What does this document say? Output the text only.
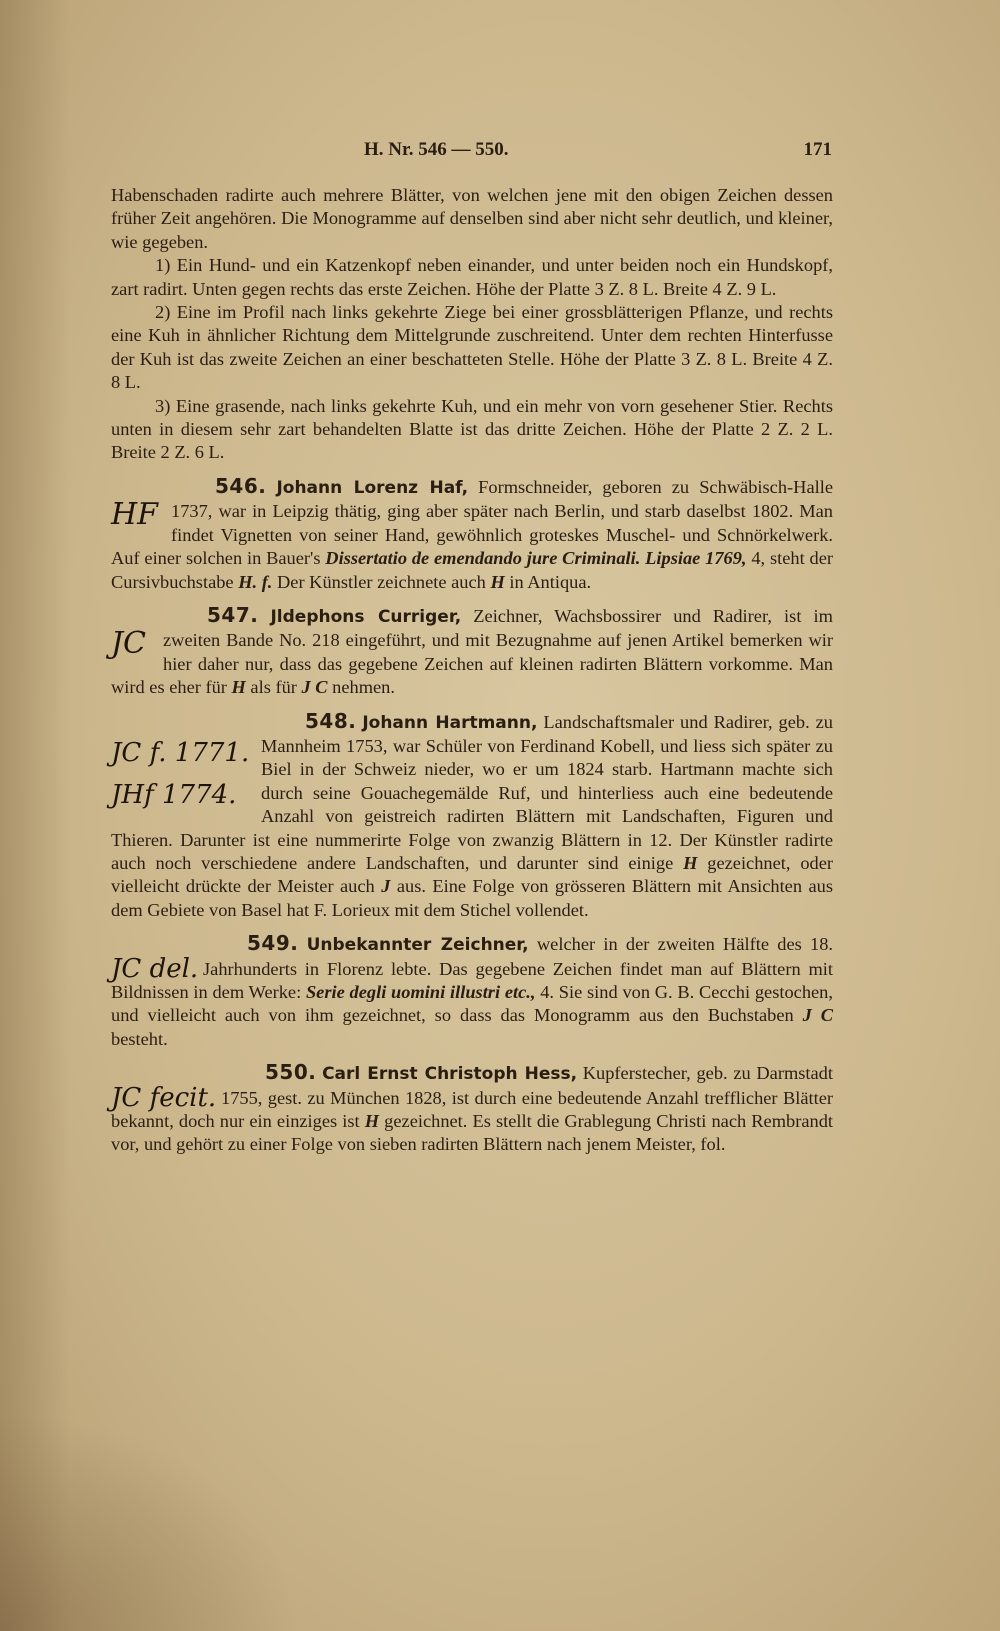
H. Nr. 546 — 550.	171

Habenschaden radirte auch mehrere Blätter, von welchen jene mit den obigen Zeichen dessen früher Zeit angehören. Die Monogramme auf denselben sind aber nicht sehr deutlich, und kleiner, wie gegeben.

1) Ein Hund- und ein Katzenkopf neben einander, und unter beiden noch ein Hundskopf, zart radirt. Unten gegen rechts das erste Zeichen. Höhe der Platte 3 Z. 8 L. Breite 4 Z. 9 L.

2) Eine im Profil nach links gekehrte Ziege bei einer grossblätterigen Pflanze, und rechts eine Kuh in ähnlicher Richtung dem Mittelgrunde zuschreitend. Unter dem rechten Hinterfusse der Kuh ist das zweite Zeichen an einer beschatteten Stelle. Höhe der Platte 3 Z. 8 L. Breite 4 Z. 8 L.

3) Eine grasende, nach links gekehrte Kuh, und ein mehr von vorn gesehener Stier. Rechts unten in diesem sehr zart behandelten Blatte ist das dritte Zeichen. Höhe der Platte 2 Z. 2 L. Breite 2 Z. 6 L.

546. Johann Lorenz Haf, Formschneider, geboren zu Schwäbisch-Halle 1737, war in Leipzig thätig, ging aber später nach Berlin, und starb daselbst 1802. Man findet Vignetten von seiner Hand, gewöhnlich groteskes Muschel- und Schnörkelwerk. Auf einer solchen in Bauer's Dissertatio de emendando jure Criminali. Lipsiae 1769, 4, steht der Cursivbuchstabe H. f. Der Künstler zeichnete auch H in Antiqua.

547. Jldephons Curriger, Zeichner, Wachsbossirer und Radirer, ist im zweiten Bande No. 218 eingeführt, und mit Bezugnahme auf jenen Artikel bemerken wir hier daher nur, dass das gegebene Zeichen auf kleinen radirten Blättern vorkomme. Man wird es eher für H als für J C nehmen.

548. Johann Hartmann, Landschaftsmaler und Radirer, geb. zu Mannheim 1753, war Schüler von Ferdinand Kobell, und liess sich später zu Biel in der Schweiz nieder, wo er um 1824 starb. Hartmann machte sich durch seine Gouachegemälde Ruf, und hinterliess auch eine bedeutende Anzahl von geistreich radirten Blättern mit Landschaften, Figuren und Thieren. Darunter ist eine nummerirte Folge von zwanzig Blättern in 12. Der Künstler radirte auch noch verschiedene andere Landschaften, und darunter sind einige H gezeichnet, oder vielleicht drückte der Meister auch J aus. Eine Folge von grösseren Blättern mit Ansichten aus dem Gebiete von Basel hat F. Lorieux mit dem Stichel vollendet.

549. Unbekannter Zeichner, welcher in der zweiten Hälfte des 18. Jahrhunderts in Florenz lebte. Das gegebene Zeichen findet man auf Blättern mit Bildnissen in dem Werke: Serie degli uomini illustri etc., 4. Sie sind von G. B. Cecchi gestochen, und vielleicht auch von ihm gezeichnet, so dass das Monogramm aus den Buchstaben J C besteht.

550. Carl Ernst Christoph Hess, Kupferstecher, geb. zu Darmstadt 1755, gest. zu München 1828, ist durch eine bedeutende Anzahl trefflicher Blätter bekannt, doch nur ein einziges ist H gezeichnet. Es stellt die Grablegung Christi nach Rembrandt vor, und gehört zu einer Folge von sieben radirten Blättern nach jenem Meister, fol.

HF
JC
JC f. 1771.
JHf 1774.
JC del.
JC fecit.
